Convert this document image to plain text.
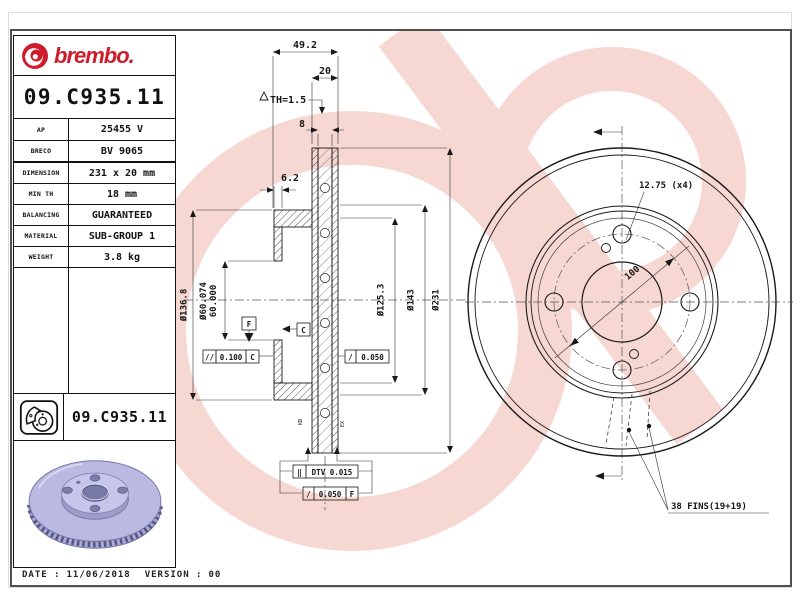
brembo.
09.C935.11
AP	25455 V
BRECO	BV 9065
DIMENSION	231 x 20 mm
MIN TH	18 mm
BALANCING	GUARANTEED
MATERIAL	SUB-GROUP 1
WEIGHT	3.8 kg
09.C935.11
DATE : 11/06/2018 VERSION : 00
49.2
20
TH=1.5
8
6.2
Ø136.8 Ø60.074 60.000
F
C
// 0.100 C	/ 0.050
Ø125.3 Ø143 Ø231
‖ DTV 0.015
/ 0.050 F
KB	EX
100
12.75 (x4)
38 FINS(19+19)
